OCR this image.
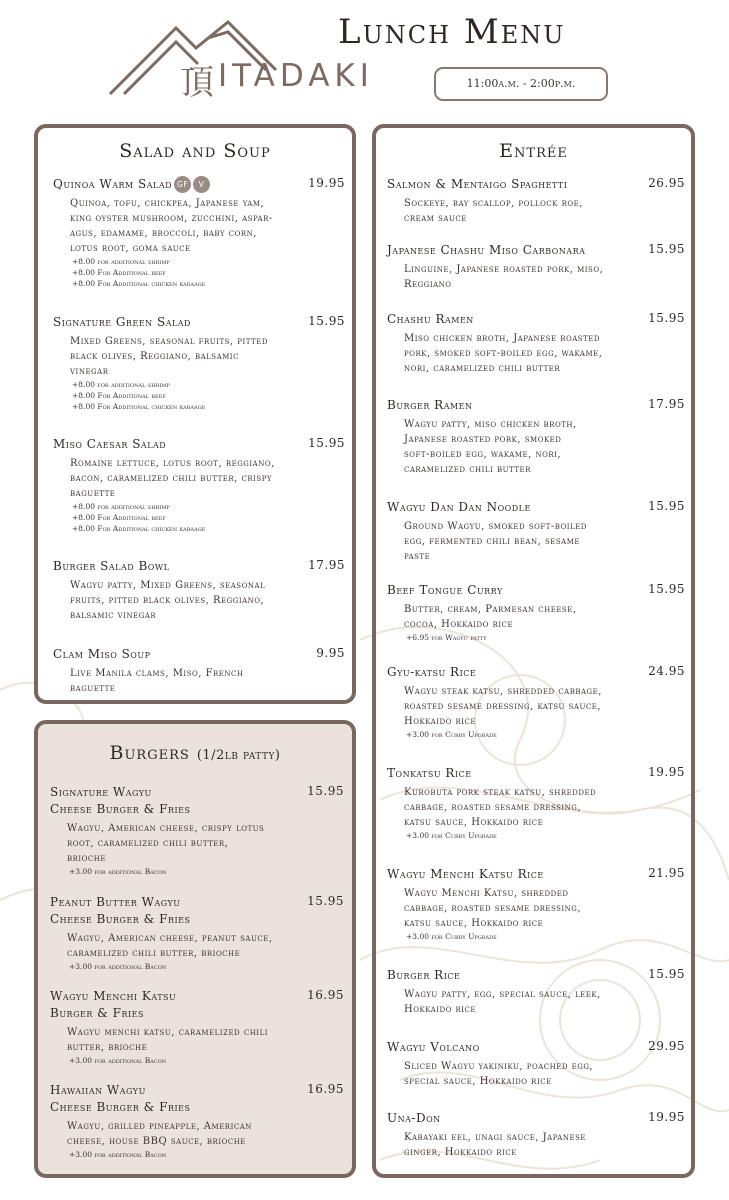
頂 ITADAKI
Lunch Menu
11:00a.m. - 2:00p.m.
Salad and Soup
Quinoa Warm Salad GF V	19.95
Quinoa, tofu, chickpea, Japanese yam,
king oyster mushroom, zucchini, aspar-
agus, edamame, broccoli, baby corn,
lotus root, goma sauce
+8.00 for additional shrimp
+8.00 For Additional beef
+8.00 For Additional chicken karaage
Signature Green Salad	15.95
Mixed Greens, seasonal fruits, pitted
black olives, Reggiano, balsamic
vinegar
+8.00 for additional shrimp
+8.00 For Additional beef
+8.00 For Additional chicken karaage
Miso Caesar Salad	15.95
Romaine lettuce, lotus root, reggiano,
bacon, caramelized chili butter, crispy
baguette
+8.00 for additional shrimp
+8.00 For Additional beef
+8.00 For Additional chicken karaage
Burger Salad Bowl	17.95
Wagyu patty, Mixed Greens, seasonal
fruits, pitted black olives, Reggiano,
balsamic vinegar
Clam Miso Soup	9.95
Live Manila clams, Miso, French
baguette
Burgers (1/2lb patty)
Signature Wagyu
Cheese Burger & Fries
15.95
Wagyu, American cheese, crispy lotus
root, caramelized chili butter,
brioche
+3.00 for additional Bacon
Peanut Butter Wagyu
Cheese Burger & Fries
15.95
Wagyu, American cheese, peanut sauce,
caramelized chili butter, brioche
+3.00 for additional Bacon
Wagyu Menchi Katsu
Burger & Fries
16.95
Wagyu menchi katsu, caramelized chili
butter, brioche
+3.00 for additional Bacon
Hawaiian Wagyu
Cheese Burger & Fries
16.95
Wagyu, grilled pineapple, American
cheese, house BBQ sauce, brioche
+3.00 for additional Bacon
Entrée
Salmon & Mentaigo Spaghetti	26.95
Sockeye, bay scallop, pollock roe,
cream sauce
Japanese Chashu Miso Carbonara	15.95
Linguine, Japanese roasted pork, miso,
Reggiano
Chashu Ramen	15.95
Miso chicken broth, Japanese roasted
pork, smoked soft-boiled egg, wakame,
nori, caramelized chili butter
Burger Ramen	17.95
Wagyu patty, miso chicken broth,
Japanese roasted pork, smoked
soft-boiled egg, wakame, nori,
caramelized chili butter
Wagyu Dan Dan Noodle	15.95
Ground Wagyu, smoked soft-boiled
egg, fermented chili bean, sesame
paste
Beef Tongue Curry	15.95
Butter, cream, Parmesan cheese,
cocoa, Hokkaido rice
+6.95 for Wagyu patty
Gyu-katsu Rice	24.95
Wagyu steak katsu, shredded cabbage,
roasted sesame dressing, katsu sauce,
Hokkaido rice
+3.00 for Curry Upgrade
Tonkatsu Rice	19.95
Kurobuta pork steak katsu, shredded
cabbage, roasted sesame dressing,
katsu sauce, Hokkaido rice
+3.00 for Curry Upgrade
Wagyu Menchi Katsu Rice	21.95
Wagyu Menchi Katsu, shredded
cabbage, roasted sesame dressing,
katsu sauce, Hokkaido rice
+3.00 for Curry Upgrade
Burger Rice	15.95
Wagyu patty, egg, special sauce, leek,
Hokkaido rice
Wagyu Volcano	29.95
Sliced Wagyu yakiniku, poached egg,
special sauce, Hokkaido rice
Una-Don	19.95
Kabayaki eel, unagi sauce, Japanese
ginger, Hokkaido rice
